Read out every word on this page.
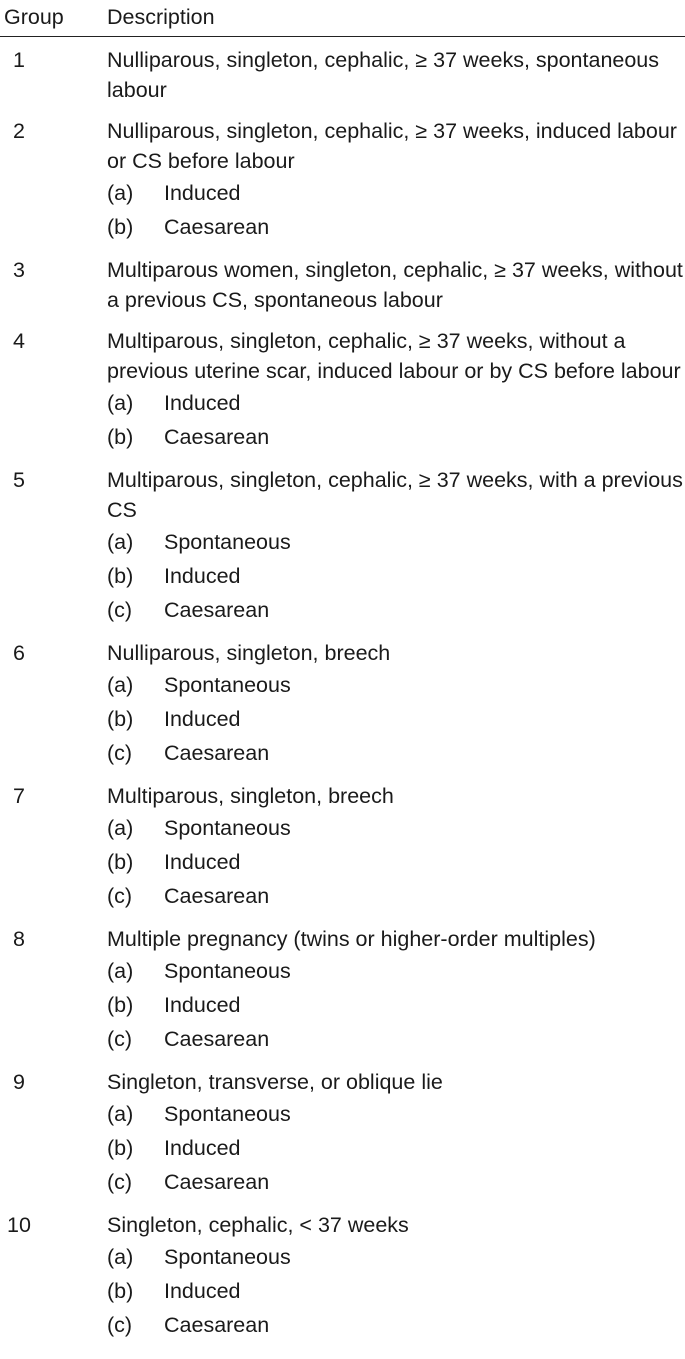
Group Description
1	Nulliparous, singleton, cephalic, ≥ 37 weeks, spontaneous labour
2	Nulliparous, singleton, cephalic, ≥ 37 weeks, induced labour or CS before labour
(a) Induced
(b) Caesarean
3	Multiparous women, singleton, cephalic, ≥ 37 weeks, without a previous CS, spontaneous labour
4	Multiparous, singleton, cephalic, ≥ 37 weeks, without a previous uterine scar, induced labour or by CS before labour
(a) Induced
(b) Caesarean
5	Multiparous, singleton, cephalic, ≥ 37 weeks, with a previous CS
(a) Spontaneous
(b) Induced
(c) Caesarean
6	Nulliparous, singleton, breech
(a) Spontaneous
(b) Induced
(c) Caesarean
7	Multiparous, singleton, breech
(a) Spontaneous
(b) Induced
(c) Caesarean
8	Multiple pregnancy (twins or higher-order multiples)
(a) Spontaneous
(b) Induced
(c) Caesarean
9	Singleton, transverse, or oblique lie
(a) Spontaneous
(b) Induced
(c) Caesarean
10	Singleton, cephalic, < 37 weeks
(a) Spontaneous
(b) Induced
(c) Caesarean
